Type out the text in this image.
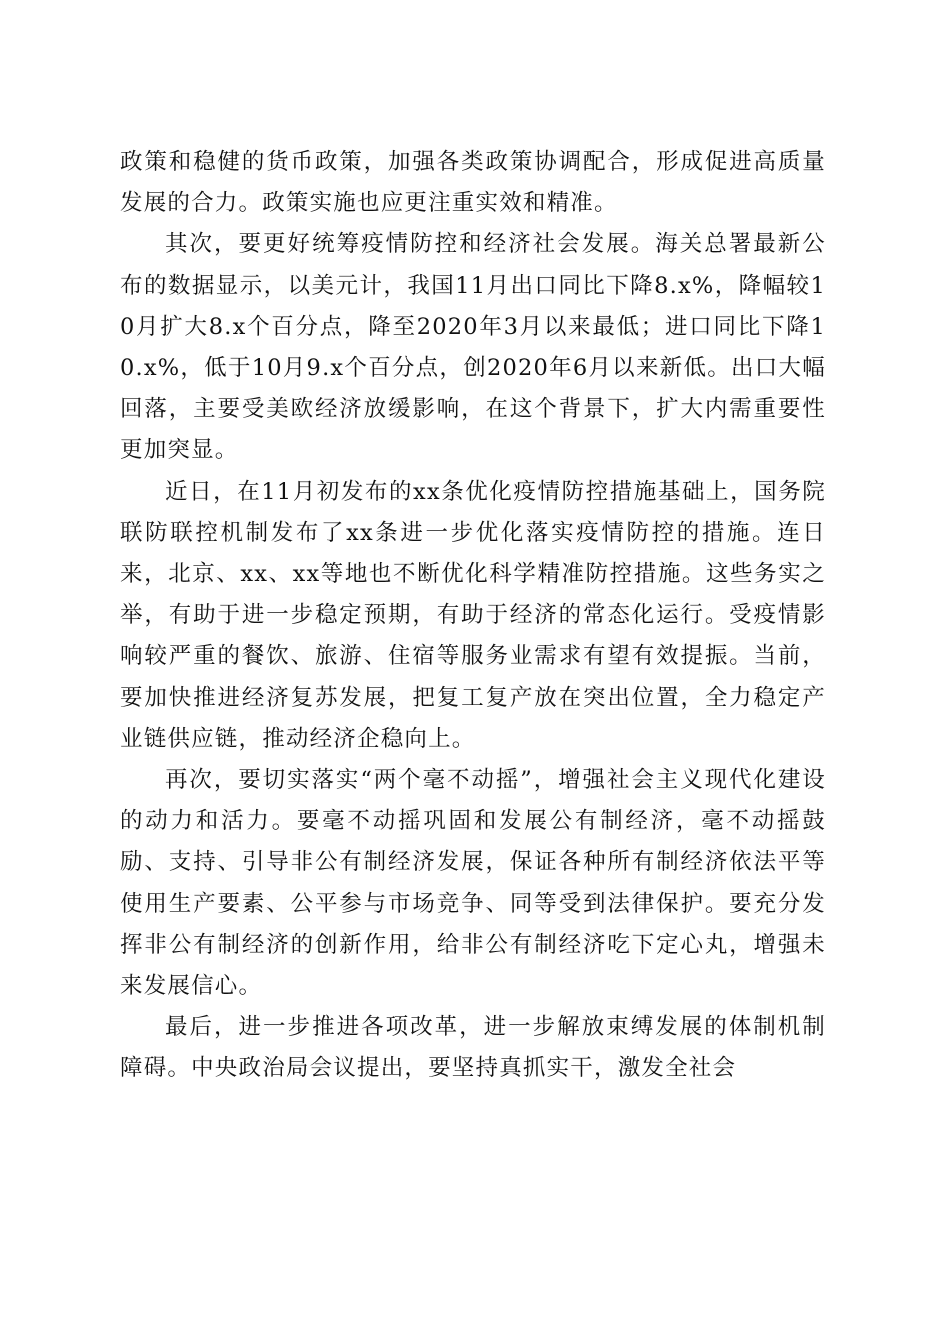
政策和稳健的货币政策，加强各类政策协调配合，形成促进高质量发展的合力。政策实施也应更注重实效和精准。

其次，要更好统筹疫情防控和经济社会发展。海关总署最新公布的数据显示，以美元计，我国11月出口同比下降8.x%，降幅较10月扩大8.x个百分点，降至2020年3月以来最低；进口同比下降10.x%，低于10月9.x个百分点，创2020年6月以来新低。出口大幅回落，主要受美欧经济放缓影响，在这个背景下，扩大内需重要性更加突显。

近日，在11月初发布的xx条优化疫情防控措施基础上，国务院联防联控机制发布了xx条进一步优化落实疫情防控的措施。连日来，北京、xx、xx等地也不断优化科学精准防控措施。这些务实之举，有助于进一步稳定预期，有助于经济的常态化运行。受疫情影响较严重的餐饮、旅游、住宿等服务业需求有望有效提振。当前，要加快推进经济复苏发展，把复工复产放在突出位置，全力稳定产业链供应链，推动经济企稳向上。

再次，要切实落实“两个毫不动摇”，增强社会主义现代化建设的动力和活力。要毫不动摇巩固和发展公有制经济，毫不动摇鼓励、支持、引导非公有制经济发展，保证各种所有制经济依法平等使用生产要素、公平参与市场竞争、同等受到法律保护。要充分发挥非公有制经济的创新作用，给非公有制经济吃下定心丸，增强未来发展信心。

最后，进一步推进各项改革，进一步解放束缚发展的体制机制障碍。中央政治局会议提出，要坚持真抓实干，激发全社会
